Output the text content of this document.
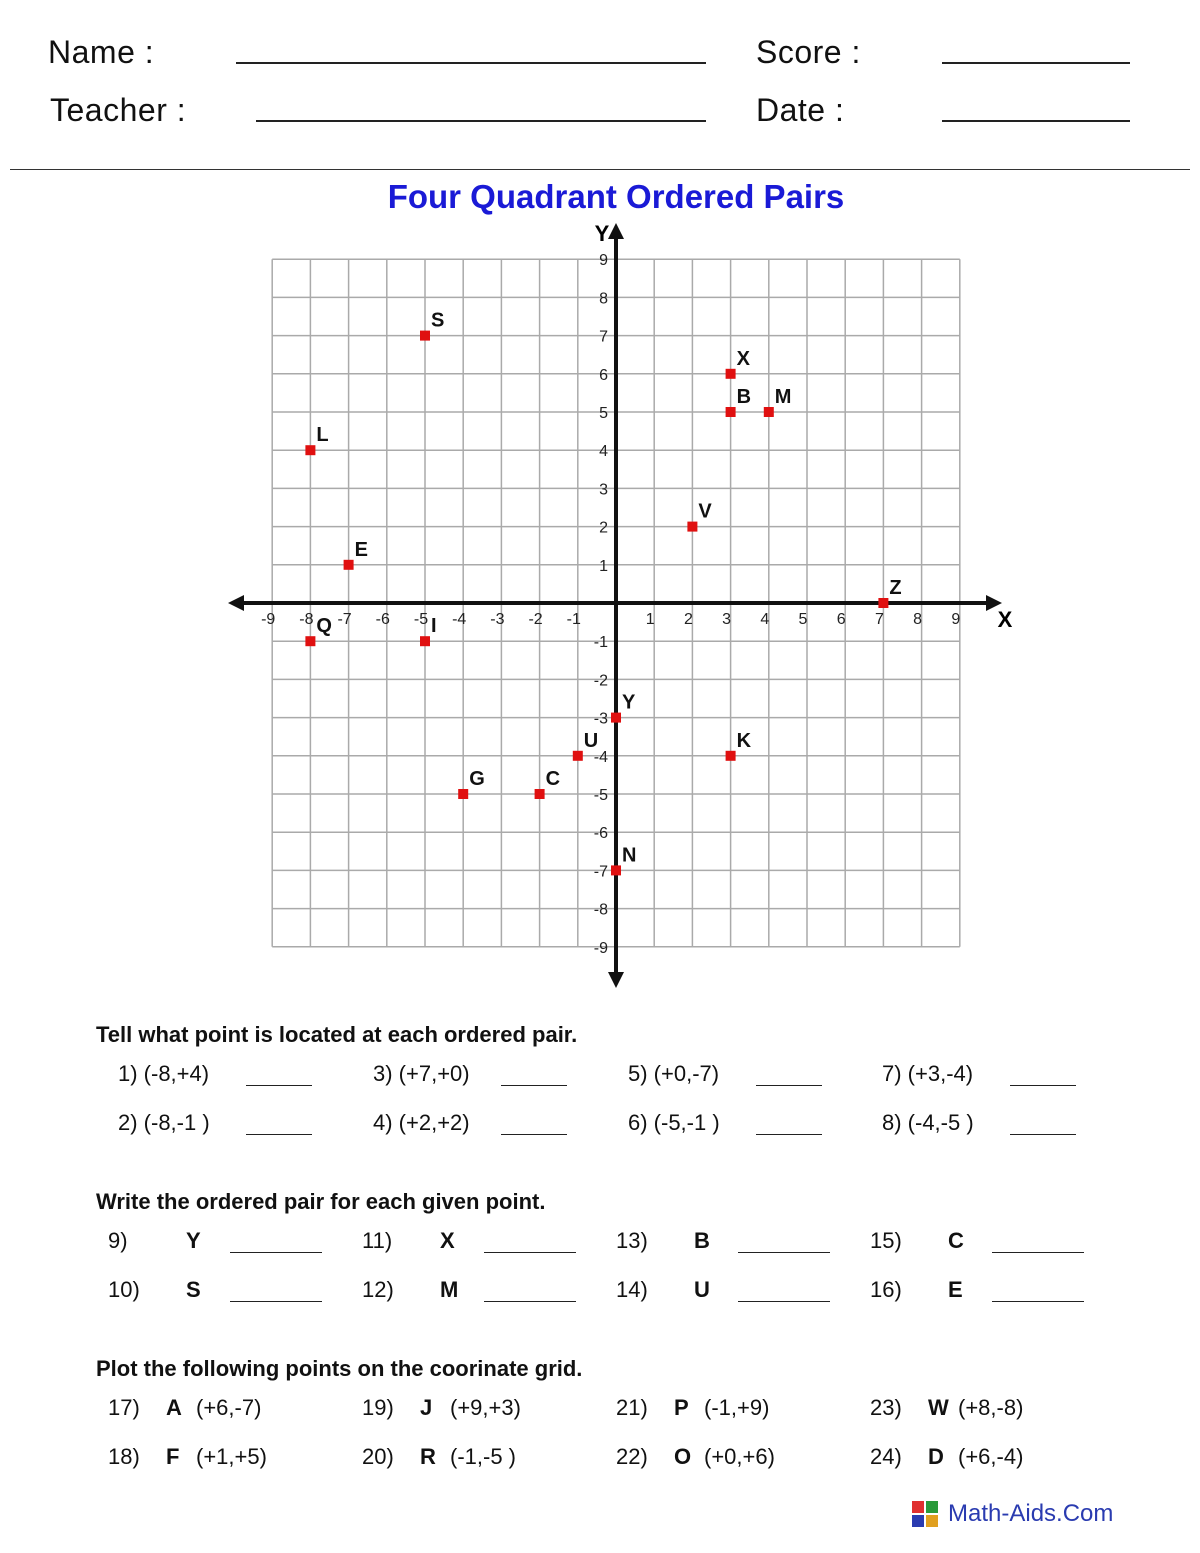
Name :
Teacher :
Score :
Date :
Four Quadrant Ordered Pairs
X
Y
-9 -8 -7 -6 -5 -4 -3 -2 -1	1 2 3 4 5 6 7 8 9
9
8
7
6
5
4
3
2
1
-1
-2
-3
-4
-5
-6
-7
-8
-9
S
X
B M
L
V
E
Z
Q	I
Y
U	K
G	C
N
Tell what point is located at each ordered pair.
Write the ordered pair for each given point.
Plot the following points on the coorinate grid.
Math-Aids.Com
1) (-8,+4)
2) (-8,-1 )
3) (+7,+0)
4) (+2,+2)
5) (+0,-7)
6) (-5,-1 )
7) (+3,-4)
8) (-4,-5 )
9)	Y
10) S
11) X
12) M
13) B
14) U
15) C
16) E
17) A (+6,-7)
18) F (+1,+5)
19) J (+9,+3)
20) R (-1,-5 )
21) P (-1,+9)
22) O (+0,+6)
23) W (+8,-8)
24) D (+6,-4)
